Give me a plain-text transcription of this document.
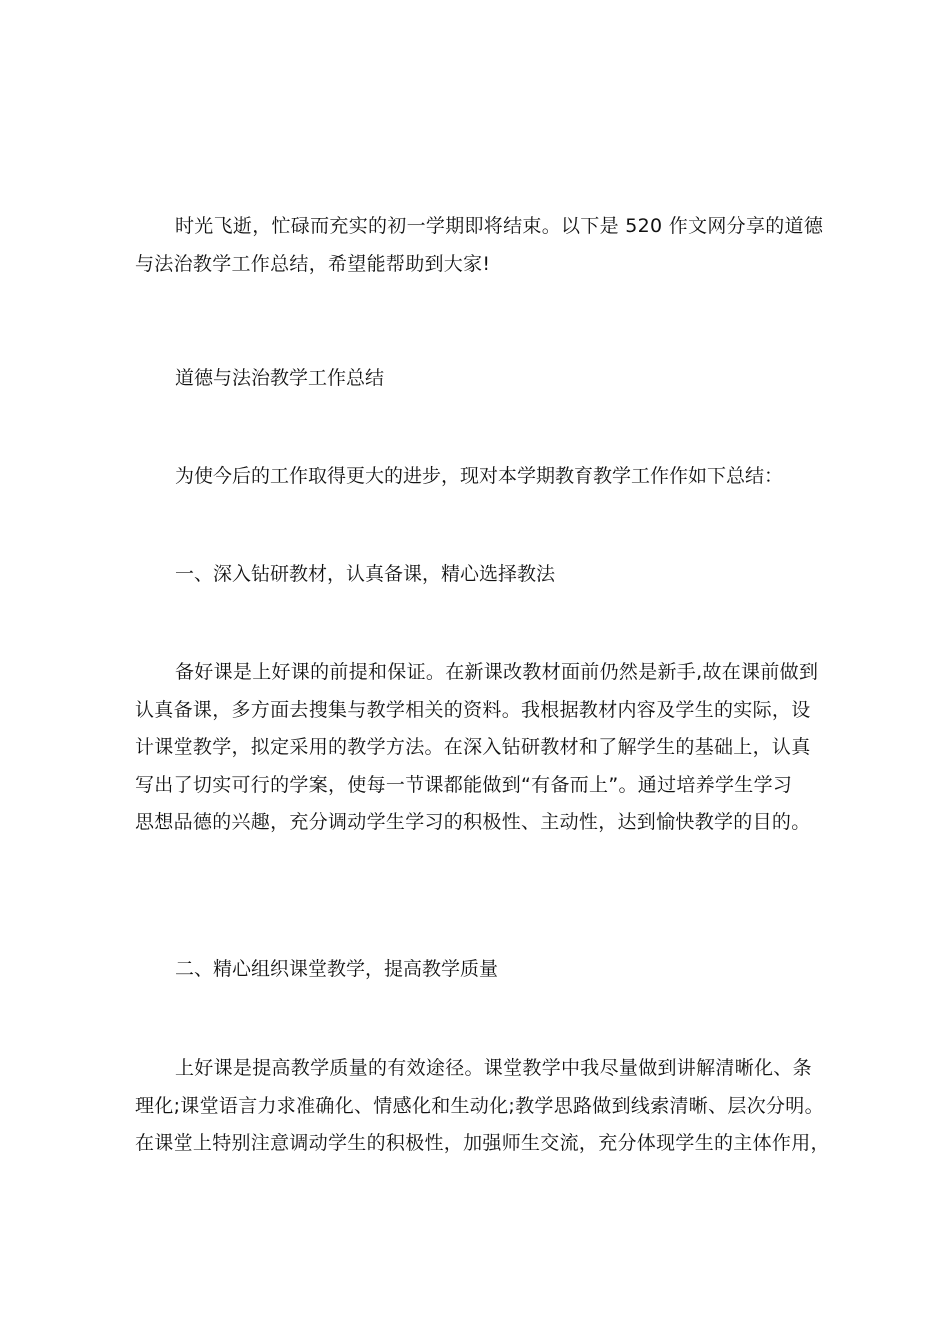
时光飞逝，忙碌而充实的初一学期即将结束。以下是 520 作文网分享的道德
与法治教学工作总结，希望能帮助到大家!

道德与法治教学工作总结

为使今后的工作取得更大的进步，现对本学期教育教学工作作如下总结：

一、深入钻研教材，认真备课，精心选择教法

备好课是上好课的前提和保证。在新课改教材面前仍然是新手,故在课前做到
认真备课，多方面去搜集与教学相关的资料。我根据教材内容及学生的实际，设
计课堂教学，拟定采用的教学方法。在深入钻研教材和了解学生的基础上，认真
写出了切实可行的学案，使每一节课都能做到“有备而上”。通过培养学生学习
思想品德的兴趣，充分调动学生学习的积极性、主动性，达到愉快教学的目的。

二、精心组织课堂教学，提高教学质量

上好课是提高教学质量的有效途径。课堂教学中我尽量做到讲解清晰化、条
理化;课堂语言力求准确化、情感化和生动化;教学思路做到线索清晰、层次分明。
在课堂上特别注意调动学生的积极性，加强师生交流，充分体现学生的主体作用，
